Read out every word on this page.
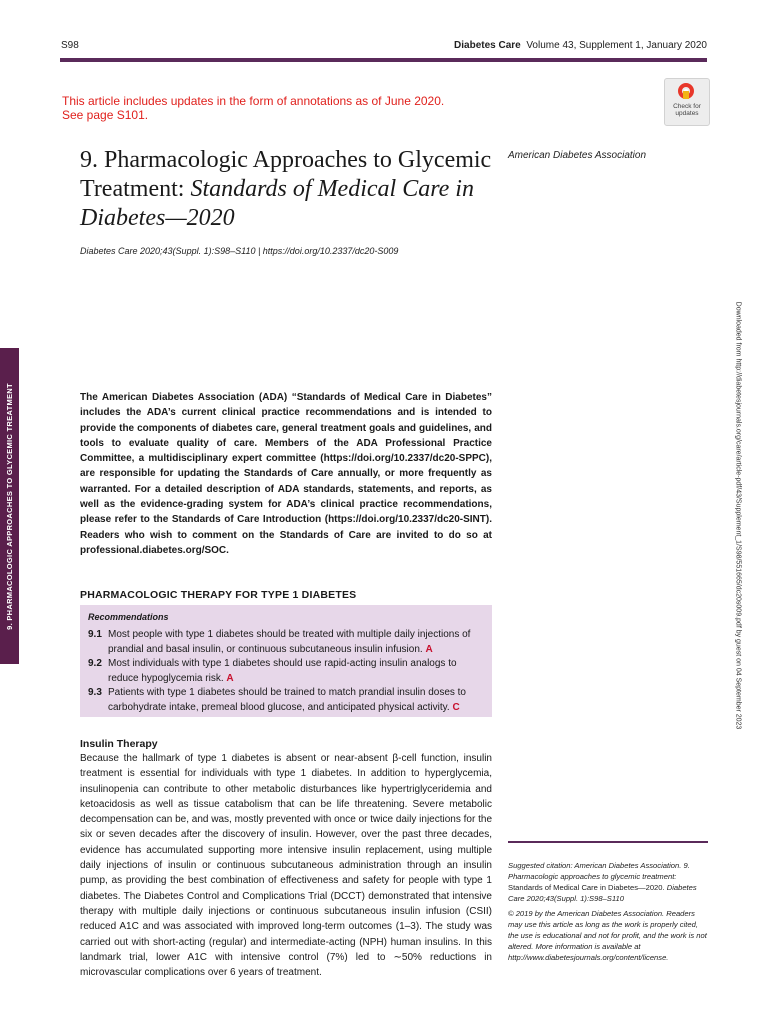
S98	Diabetes Care Volume 43, Supplement 1, January 2020
This article includes updates in the form of annotations as of June 2020.
See page S101.
Check for
updates
9. Pharmacologic Approaches to Glycemic Treatment: Standards of Medical Care in Diabetes—2020
American Diabetes Association
Diabetes Care 2020;43(Suppl. 1):S98–S110 | https://doi.org/10.2337/dc20-S009
9. PHARMACOLOGIC APPROACHES TO GLYCEMIC TREATMENT	Downloaded from http://diabetesjournals.org/care/article-pdf/43/Supplement_1/S98/551665/dc20s009.pdf by guest on 04 September 2023
The American Diabetes Association (ADA) “Standards of Medical Care in Diabetes” includes the ADA’s current clinical practice recommendations and is intended to provide the components of diabetes care, general treatment goals and guidelines, and tools to evaluate quality of care. Members of the ADA Professional Practice Committee, a multidisciplinary expert committee (https://doi.org/10.2337/dc20-SPPC), are responsible for updating the Standards of Care annually, or more frequently as warranted. For a detailed description of ADA standards, statements, and reports, as well as the evidence-grading system for ADA’s clinical practice recommendations, please refer to the Standards of Care Introduction (https://doi.org/10.2337/dc20-SINT). Readers who wish to comment on the Standards of Care are invited to do so at professional.diabetes.org/SOC.
PHARMACOLOGIC THERAPY FOR TYPE 1 DIABETES
Recommendations
9.1 Most people with type 1 diabetes should be treated with multiple daily injections of prandial and basal insulin, or continuous subcutaneous insulin infusion. A
9.2 Most individuals with type 1 diabetes should use rapid-acting insulin analogs to reduce hypoglycemia risk. A
9.3 Patients with type 1 diabetes should be trained to match prandial insulin doses to carbohydrate intake, premeal blood glucose, and anticipated physical activity. C
Insulin Therapy
Because the hallmark of type 1 diabetes is absent or near-absent β-cell function, insulin treatment is essential for individuals with type 1 diabetes. In addition to hyperglycemia, insulinopenia can contribute to other metabolic disturbances like hypertriglyceridemia and ketoacidosis as well as tissue catabolism that can be life threatening. Severe metabolic decompensation can be, and was, mostly prevented with once or twice daily injections for the six or seven decades after the discovery of insulin. However, over the past three decades, evidence has accumulated supporting more intensive insulin replacement, using multiple daily injections of insulin or continuous subcutaneous administration through an insulin pump, as providing the best combination of effectiveness and safety for people with type 1 diabetes. The Diabetes Control and Complications Trial (DCCT) demonstrated that intensive therapy with multiple daily injections or continuous subcutaneous insulin infusion (CSII) reduced A1C and was associated with improved long-term outcomes (1–3). The study was carried out with short-acting (regular) and intermediate-acting (NPH) human insulins. In this landmark trial, lower A1C with intensive control (7%) led to ∼50% reductions in microvascular complications over 6 years of treatment.

Suggested citation: American Diabetes Association. 9. Pharmacologic approaches to glycemic treatment: Standards of Medical Care in Diabetes—2020. Diabetes Care 2020;43(Suppl. 1):S98–S110

© 2019 by the American Diabetes Association. Readers may use this article as long as the work is properly cited, the use is educational and not for profit, and the work is not altered. More information is available at http://www.diabetesjournals.org/content/license.
